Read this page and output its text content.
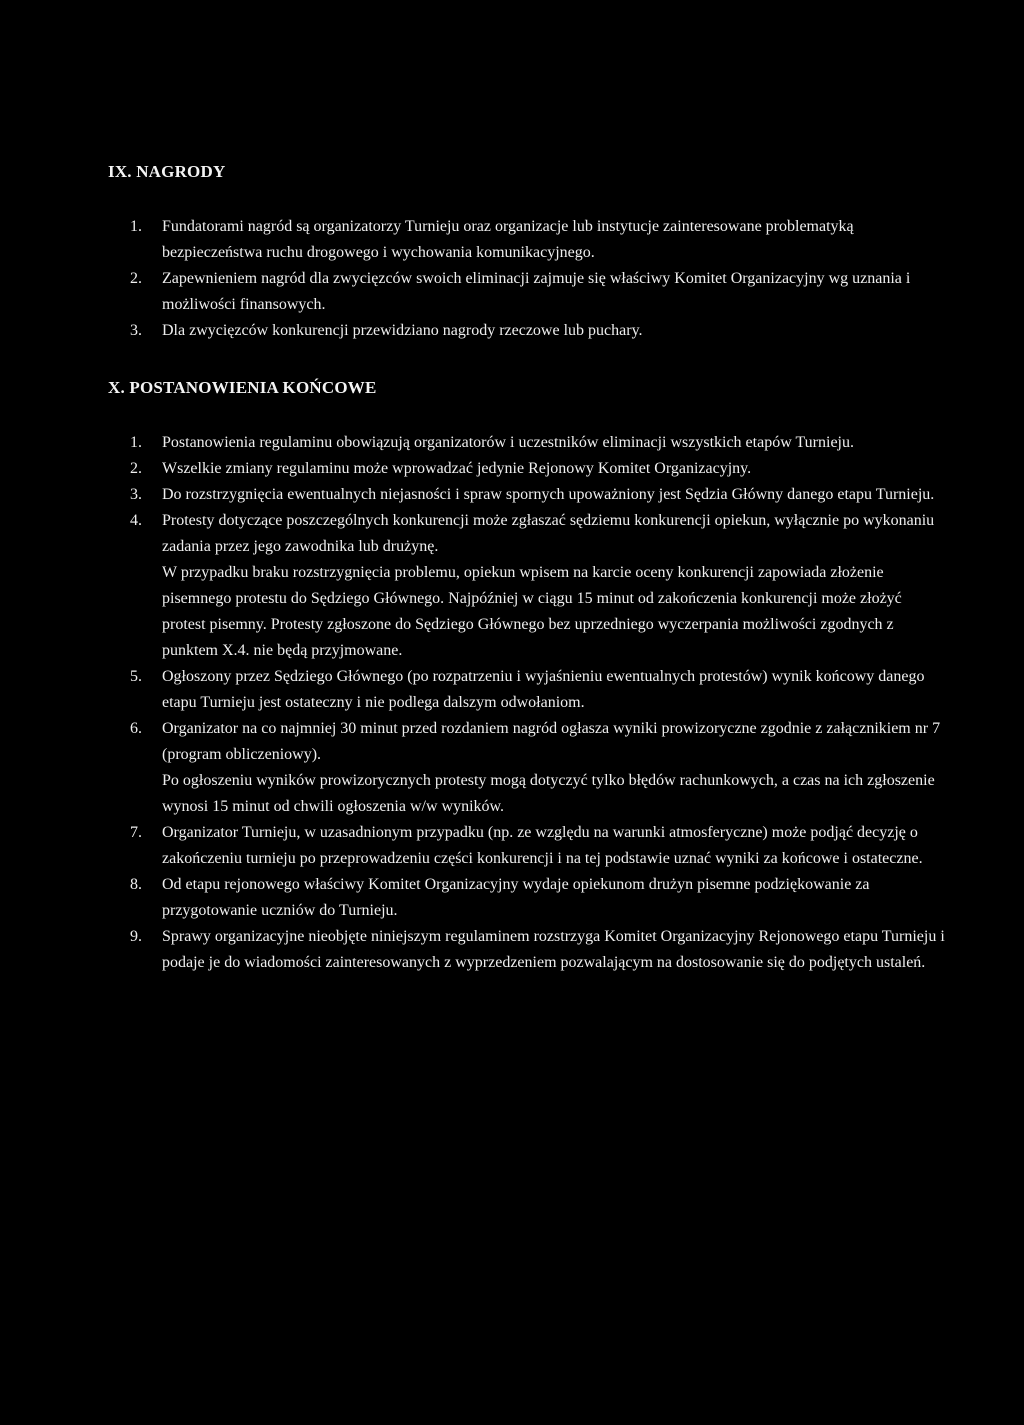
IX. NAGRODY
1.	Fundatorami nagród są organizatorzy Turnieju oraz organizacje lub instytucje zainteresowane problematyką bezpieczeństwa ruchu drogowego i wychowania komunikacyjnego.
2.	Zapewnieniem nagród dla zwycięzców swoich eliminacji zajmuje się właściwy Komitet Organizacyjny wg uznania i możliwości finansowych.
3.	Dla zwycięzców konkurencji przewidziano nagrody rzeczowe lub puchary.
X. POSTANOWIENIA KOŃCOWE
1.	Postanowienia regulaminu obowiązują organizatorów i uczestników eliminacji wszystkich etapów Turnieju.
2.	Wszelkie zmiany regulaminu może wprowadzać jedynie Rejonowy Komitet Organizacyjny.
3.	Do rozstrzygnięcia ewentualnych niejasności i spraw spornych upoważniony jest Sędzia Główny danego etapu Turnieju.
4.	Protesty dotyczące poszczególnych konkurencji może zgłaszać sędziemu konkurencji opiekun, wyłącznie po wykonaniu zadania przez jego zawodnika lub drużynę.
W przypadku braku rozstrzygnięcia problemu, opiekun wpisem na karcie oceny konkurencji zapowiada złożenie pisemnego protestu do Sędziego Głównego. Najpóźniej w ciągu 15 minut od zakończenia konkurencji może złożyć protest pisemny. Protesty zgłoszone do Sędziego Głównego bez uprzedniego wyczerpania możliwości zgodnych z punktem X.4. nie będą przyjmowane.
5.	Ogłoszony przez Sędziego Głównego (po rozpatrzeniu i wyjaśnieniu ewentualnych protestów) wynik końcowy danego etapu Turnieju jest ostateczny i nie podlega dalszym odwołaniom.
6.	Organizator na co najmniej 30 minut przed rozdaniem nagród ogłasza wyniki prowizoryczne zgodnie z załącznikiem nr 7 (program obliczeniowy).
Po ogłoszeniu wyników prowizorycznych protesty mogą dotyczyć tylko błędów rachunkowych, a czas na ich zgłoszenie wynosi 15 minut od chwili ogłoszenia w/w wyników.
7.	Organizator Turnieju, w uzasadnionym przypadku (np. ze względu na warunki atmosferyczne) może podjąć decyzję o zakończeniu turnieju po przeprowadzeniu części konkurencji i na tej podstawie uznać wyniki za końcowe i ostateczne.
8.	Od etapu rejonowego właściwy Komitet Organizacyjny wydaje opiekunom drużyn pisemne podziękowanie za przygotowanie uczniów do Turnieju.
9.	Sprawy organizacyjne nieobjęte niniejszym regulaminem rozstrzyga Komitet Organizacyjny Rejonowego etapu Turnieju i podaje je do wiadomości zainteresowanych z wyprzedzeniem pozwalającym na dostosowanie się do podjętych ustaleń.
